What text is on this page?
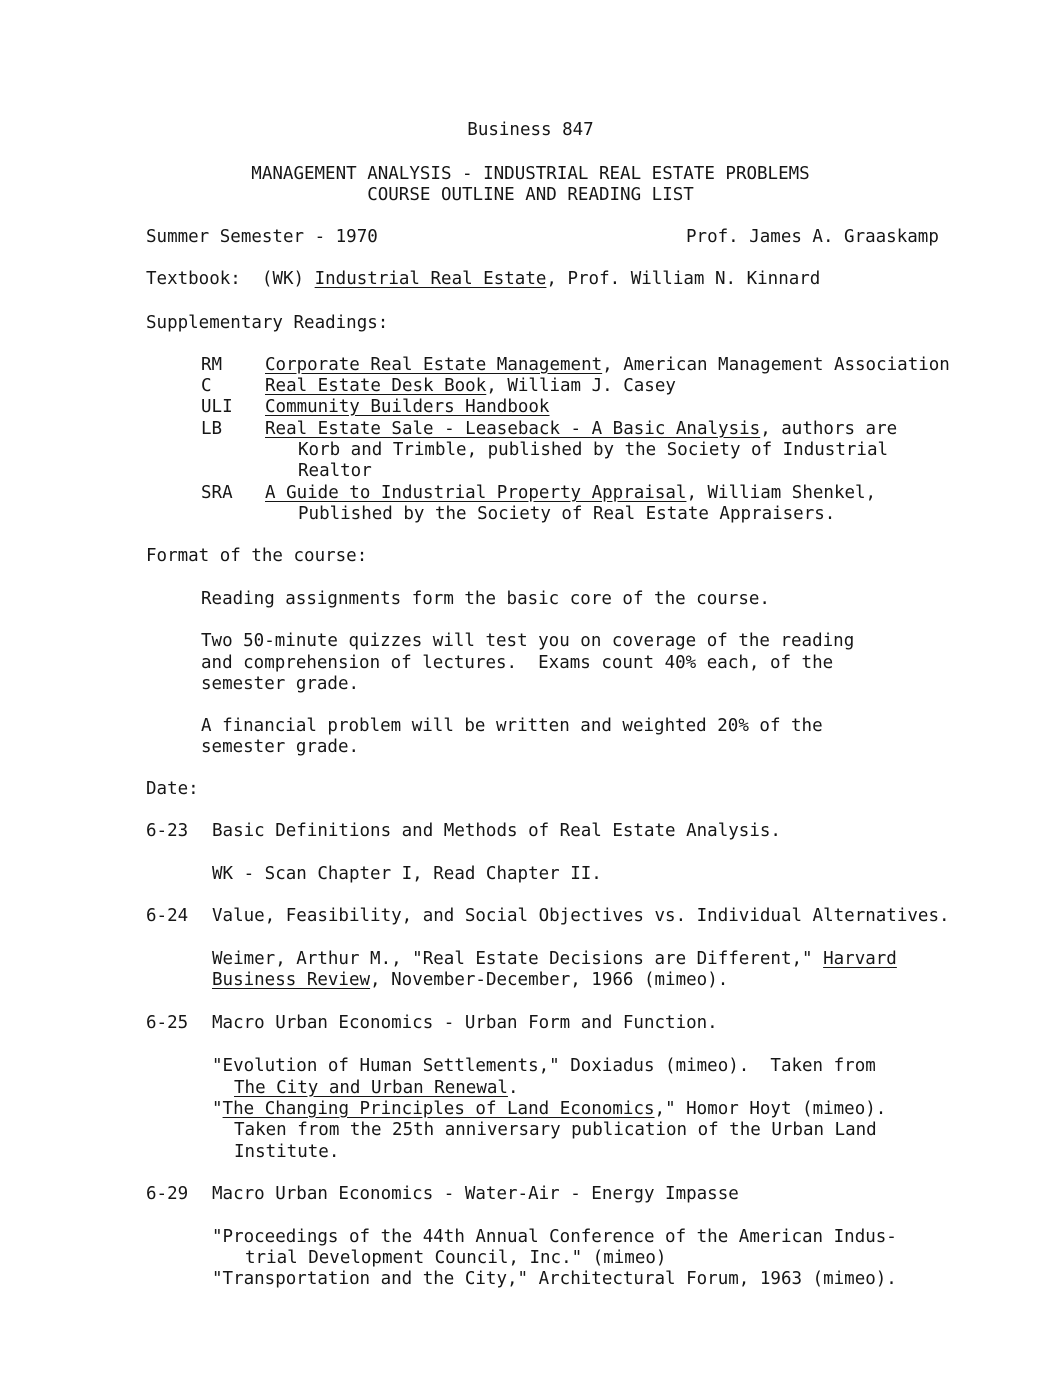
Business 847
MANAGEMENT ANALYSIS - INDUSTRIAL REAL ESTATE PROBLEMS
COURSE OUTLINE AND READING LIST
Summer Semester - 1970	Prof. James A. Graaskamp
Textbook: (WK) Industrial Real Estate, Prof. William N. Kinnard
Supplementary Readings:
RM Corporate Real Estate Management, American Management Association
C	Real Estate Desk Book, William J. Casey
ULI Community Builders Handbook
LB Real Estate Sale - Leaseback - A Basic Analysis, authors are
Korb and Trimble, published by the Society of Industrial
Realtor
SRA A Guide to Industrial Property Appraisal, William Shenkel,
Published by the Society of Real Estate Appraisers.
Format of the course:
Reading assignments form the basic core of the course.
Two 50-minute quizzes will test you on coverage of the reading
and comprehension of lectures.  Exams count 40% each, of the
semester grade.
A financial problem will be written and weighted 20% of the
semester grade.
Date:
6-23 Basic Definitions and Methods of Real Estate Analysis.
WK - Scan Chapter I, Read Chapter II.
6-24 Value, Feasibility, and Social Objectives vs. Individual Alternatives.
Weimer, Arthur M., "Real Estate Decisions are Different," Harvard
Business Review, November-December, 1966 (mimeo).
6-25 Macro Urban Economics - Urban Form and Function.
"Evolution of Human Settlements," Doxiadus (mimeo).  Taken from
The City and Urban Renewal.
"The Changing Principles of Land Economics," Homor Hoyt (mimeo).
Taken from the 25th anniversary publication of the Urban Land
Institute.
6-29 Macro Urban Economics - Water-Air - Energy Impasse
"Proceedings of the 44th Annual Conference of the American Indus-
trial Development Council, Inc." (mimeo)
"Transportation and the City," Architectural Forum, 1963 (mimeo).
